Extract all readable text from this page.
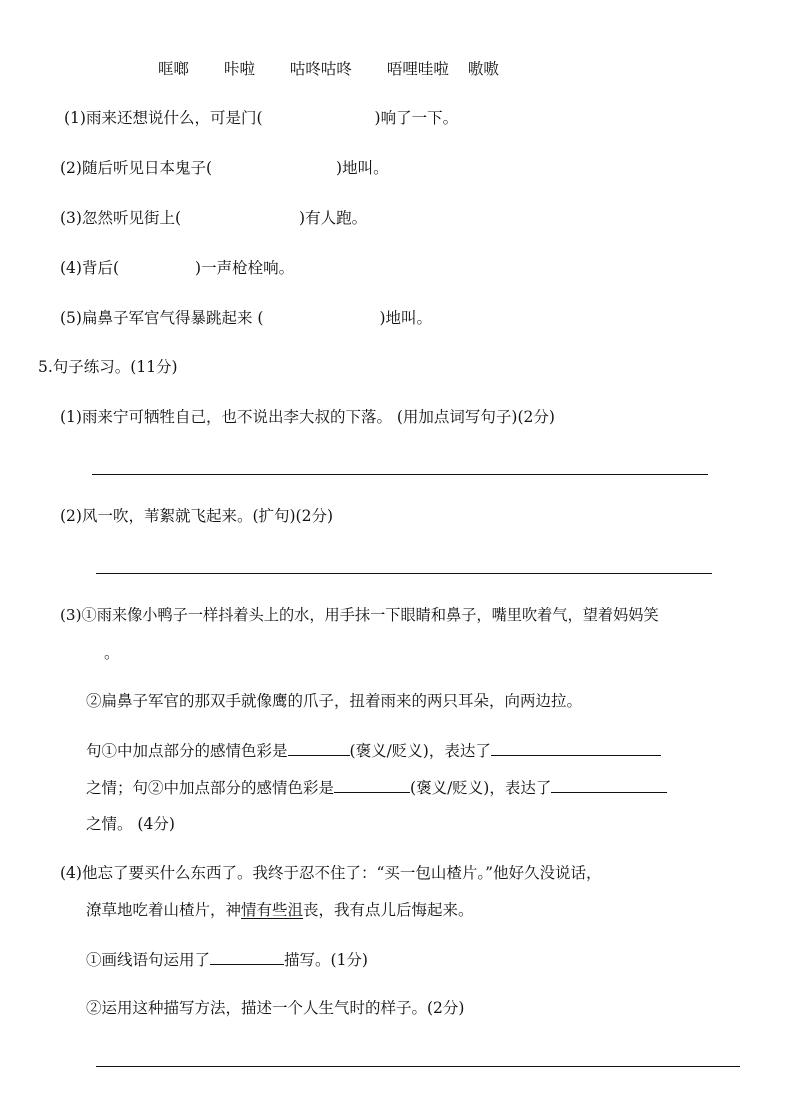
哐啷 咔啦 咕咚咕咚 唔哩哇啦 嗷嗷
(1)雨来还想说什么，可是门(	)响了一下。
(2)随后听见日本鬼子(	)地叫。
(3)忽然听见街上(	)有人跑。
(4)背后(	)一声枪栓响。
(5)扁鼻子军官气得暴跳起来 (	)地叫。
5.句子练习。(11分)
(1)雨来宁可牺牲自己，也不说出李大叔的下落。 (用加点词写句子)(2分)
(2)风一吹，苇絮就飞起来。(扩句)(2分)
(3)①雨来像小鸭子一样抖着头上的水，用手抹一下眼睛和鼻子，嘴里吹着气，望着妈妈笑
。
②扁鼻子军官的那双手就像鹰的爪子，扭着雨来的两只耳朵，向两边拉。
句①中加点部分的感情色彩是	(褒义/贬义)，表达了
之情；句②中加点部分的感情色彩是	(褒义/贬义)，表达了
之情。 (4分)
(4)他忘了要买什么东西了。我终于忍不住了：“买一包山楂片。”他好久没说话，
潦草地吃着山楂片，神情有些沮丧，我有点儿后悔起来。
①画线语句运用了	描写。(1分)
②运用这种描写方法，描述一个人生气时的样子。(2分)
